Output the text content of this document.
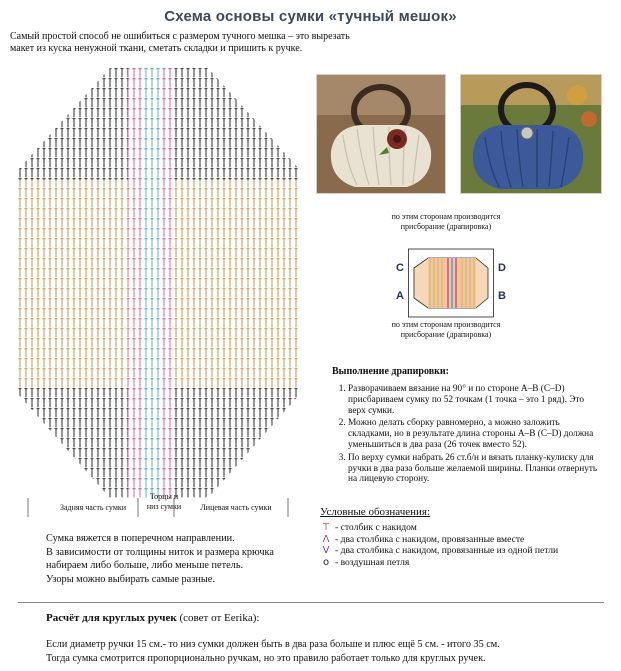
Схема основы сумки «тучный мешок»
Самый простой способ не ошибиться с размером тучного мешка – это вырезать макет из куска ненужной ткани, сметать складки и пришить к ручке.
Задняя часть сумки
Торцы и низ сумки	Лицевая часть сумки
по этим сторонам производится присборание (драпировка)
C	D
A	B
по этим сторонам производится присборание (драпировка)
Выполнение драпировки:
1. Разворачиваем вязание на 90° и по стороне A–B (C–D) присбариваем сумку по 52 точкам (1 точка – это 1 ряд). Это верх сумки.
2. Можно делать сборку равномерно, а можно заложить складками, но в результате длина стороны A–B (C–D) должна уменьшиться в два раза (26 точек вместо 52).
3. По верху сумки набрать 26 ст.б/н и вязать планку-кулиску для ручки в два раза больше желаемой ширины. Планки отвернуть на лицевую сторону.
Условные обозначения:
T - столбик с накидом
Λ - два столбика с накидом, провязанные вместе
V - два столбика с накидом, провязанные из одной петли
o - воздушная петля
Сумка вяжется в поперечном направлении.
В зависимости от толщины ниток и размера крючка набираем либо больше, либо меньше петель.
Узоры можно выбирать самые разные.
Расчёт для круглых ручек (совет от Eerika):
Если диаметр ручки 15 см.- то низ сумки должен быть в два раза больше и плюс ещё 5 см. - итого 35 см.
Тогда сумка смотрится пропорционально ручкам, но это правило работает только для круглых ручек.
